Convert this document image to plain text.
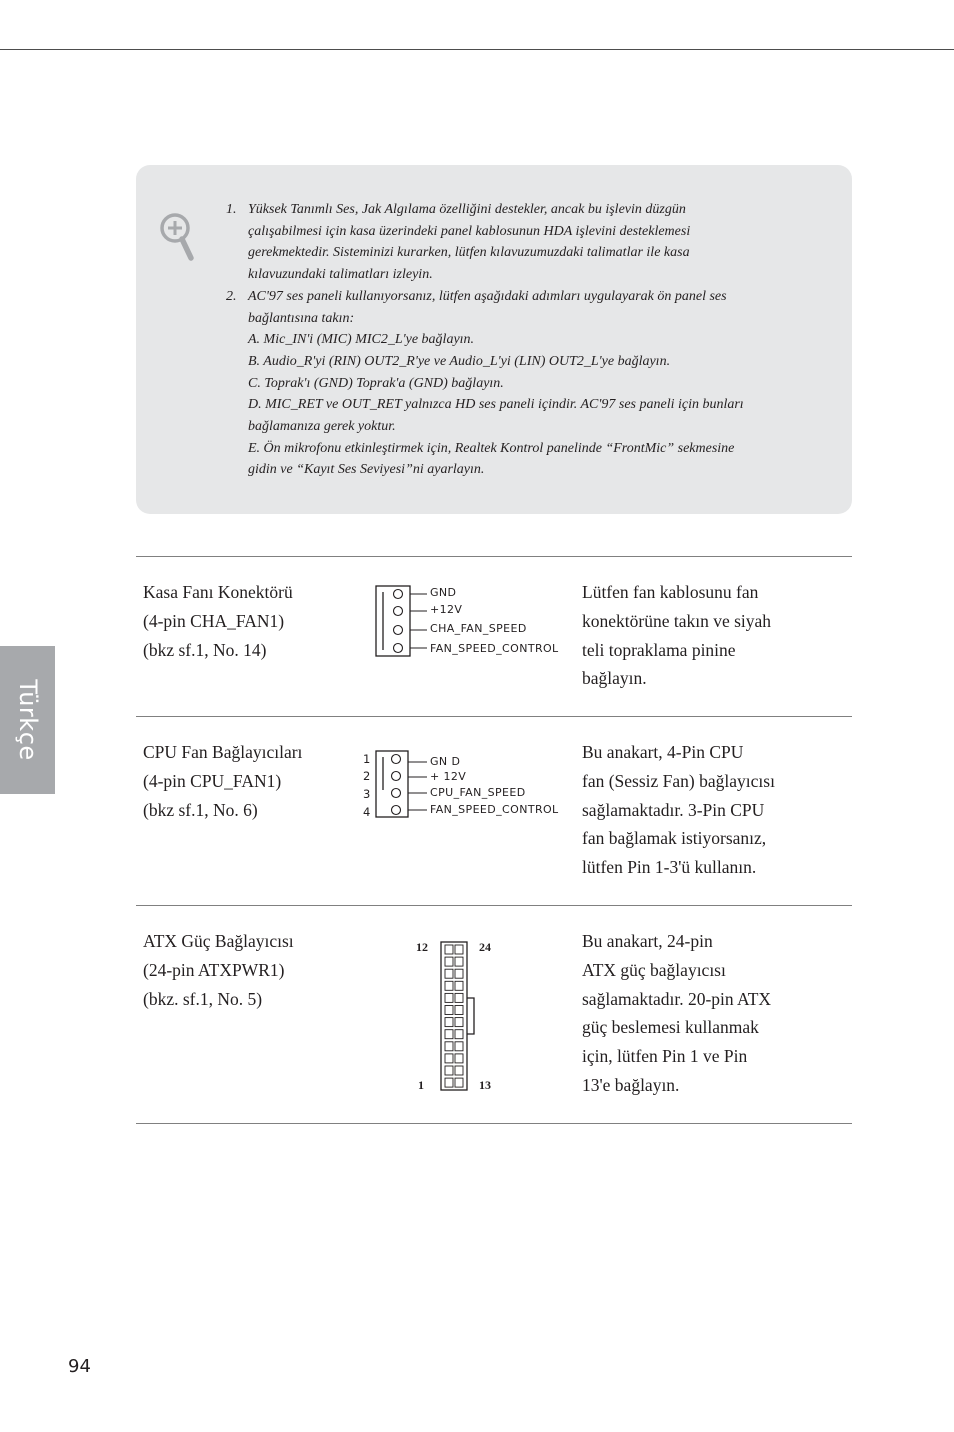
1. Yüksek Tanımlı Ses, Jak Algılama özelliğini destekler, ancak bu işlevin düzgün
çalışabilmesi için kasa üzerindeki panel kablosunun HDA işlevini desteklemesi
gerekmektedir. Sisteminizi kurarken, lütfen kılavuzumuzdaki talimatlar ile kasa
kılavuzundaki talimatları izleyin.
2. AC'97 ses paneli kullanıyorsanız, lütfen aşağıdaki adımları uygulayarak ön panel ses
bağlantısına takın:
A. Mic_IN'i (MIC) MIC2_L'ye bağlayın.
B. Audio_R'yi (RIN) OUT2_R'ye ve Audio_L'yi (LIN) OUT2_L'ye bağlayın.
C. Toprak'ı (GND) Toprak'a (GND) bağlayın.
D. MIC_RET ve OUT_RET yalnızca HD ses paneli içindir. AC'97 ses paneli için bunları
bağlamanıza gerek yoktur.
E. Ön mikrofonu etkinleştirmek için, Realtek Kontrol panelinde “FrontMic” sekmesine
gidin ve “Kayıt Ses Seviyesi”ni ayarlayın.
Kasa Fanı Konektörü
(4-pin CHA_FAN1)
(bkz sf.1, No. 14)
GND
+12V
CHA_FAN_SPEED
FAN_SPEED_CONTROL
Lütfen fan kablosunu fan
konektörüne takın ve siyah
teli topraklama pinine
bağlayın.
CPU Fan Bağlayıcıları
(4-pin CPU_FAN1)
(bkz sf.1, No. 6)
1
2
3
4
GN D
+ 12V
CPU_FAN_SPEED
FAN_SPEED_CONTROL
Bu anakart, 4-Pin CPU
fan (Sessiz Fan) bağlayıcısı
sağlamaktadır. 3-Pin CPU
fan bağlamak istiyorsanız,
lütfen Pin 1-3'ü kullanın.
ATX Güç Bağlayıcısı
(24-pin ATXPWR1)
(bkz. sf.1, No. 5)
12	24
1	13
Bu anakart, 24-pin
ATX güç bağlayıcısı
sağlamaktadır. 20-pin ATX
güç beslemesi kullanmak
için, lütfen Pin 1 ve Pin
13'e bağlayın.
Türkçe
94
